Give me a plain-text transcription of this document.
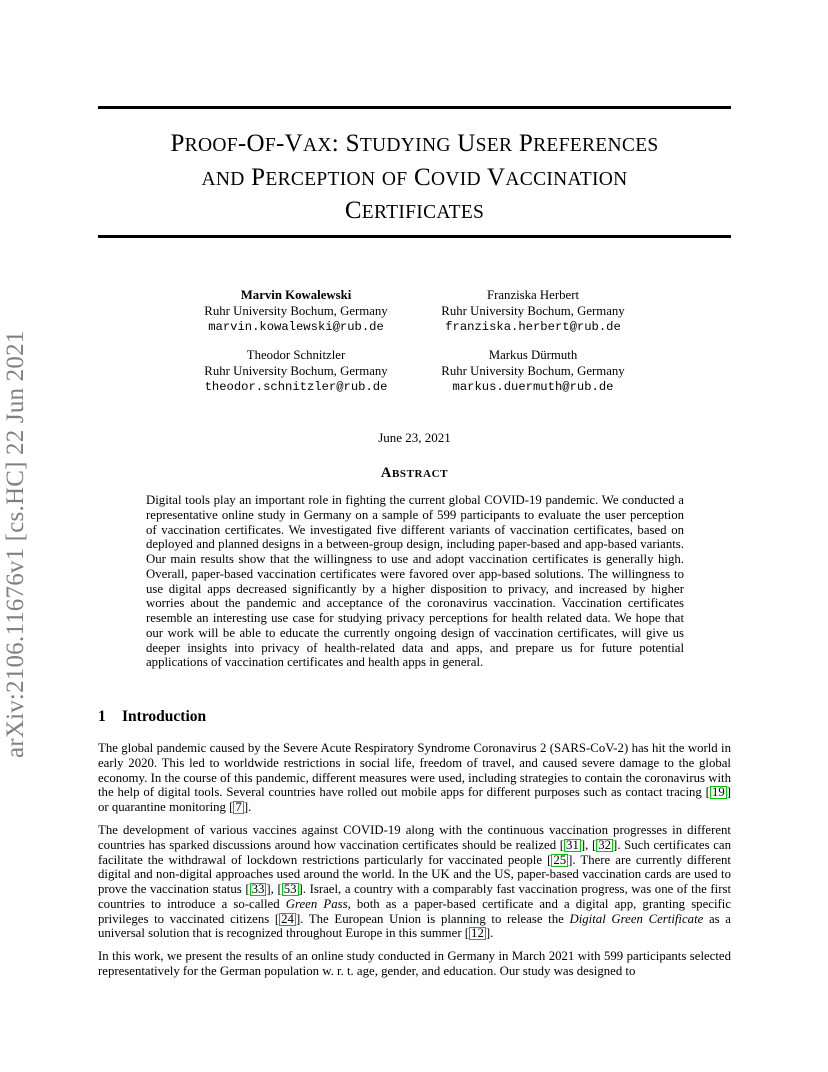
PROOF-OF-VAX: STUDYING USER PREFERENCES
AND PERCEPTION OF COVID VACCINATION
CERTIFICATES
arXiv:2106.11676v1 [cs.HC] 22 Jun 2021
Marvin Kowalewski
Ruhr University Bochum, Germany
marvin.kowalewski@rub.de
Franziska Herbert
Ruhr University Bochum, Germany
franziska.herbert@rub.de
Theodor Schnitzler
Ruhr University Bochum, Germany
theodor.schnitzler@rub.de
Markus Dürmuth
Ruhr University Bochum, Germany
markus.duermuth@rub.de
June 23, 2021
ABSTRACT
Digital tools play an important role in fighting the current global COVID-19 pandemic. We conducted a representative online study in Germany on a sample of 599 participants to evaluate the user perception of vaccination certificates. We investigated five different variants of vaccination certificates, based on deployed and planned designs in a between-group design, including paper-based and app-based variants. Our main results show that the willingness to use and adopt vaccination certificates is generally high. Overall, paper-based vaccination certificates were favored over app-based solutions. The willingness to use digital apps decreased significantly by a higher disposition to privacy, and increased by higher worries about the pandemic and acceptance of the coronavirus vaccination. Vaccination certificates resemble an interesting use case for studying privacy perceptions for health related data. We hope that our work will be able to educate the currently ongoing design of vaccination certificates, will give us deeper insights into privacy of health-related data and apps, and prepare us for future potential applications of vaccination certificates and health apps in general.
1 Introduction

The global pandemic caused by the Severe Acute Respiratory Syndrome Coronavirus 2 (SARS-CoV-2) has hit the world in early 2020. This led to worldwide restrictions in social life, freedom of travel, and caused severe damage to the global economy. In the course of this pandemic, different measures were used, including strategies to contain the coronavirus with the help of digital tools. Several countries have rolled out mobile apps for different purposes such as contact tracing [ 19 ] or quarantine monitoring [ 7 ].

The development of various vaccines against COVID-19 along with the continuous vaccination progresses in different countries has sparked discussions around how vaccination certificates should be realized [ 31 ], [ 32 ]. Such certificates can facilitate the withdrawal of lockdown restrictions particularly for vaccinated people [ 25 ]. There are currently different digital and non-digital approaches used around the world. In the UK and the US, paper-based vaccination cards are used to prove the vaccination status [ 33 ], [ 53 ]. Israel, a country with a comparably fast vaccination progress, was one of the first countries to introduce a so-called Green Pass, both as a paper-based certificate and a digital app, granting specific privileges to vaccinated citizens [ 24 ]. The European Union is planning to release the Digital Green Certificate as a universal solution that is recognized throughout Europe in this summer [ 12 ].

In this work, we present the results of an online study conducted in Germany in March 2021 with 599 participants selected representatively for the German population w. r. t. age, gender, and education. Our study was designed to
